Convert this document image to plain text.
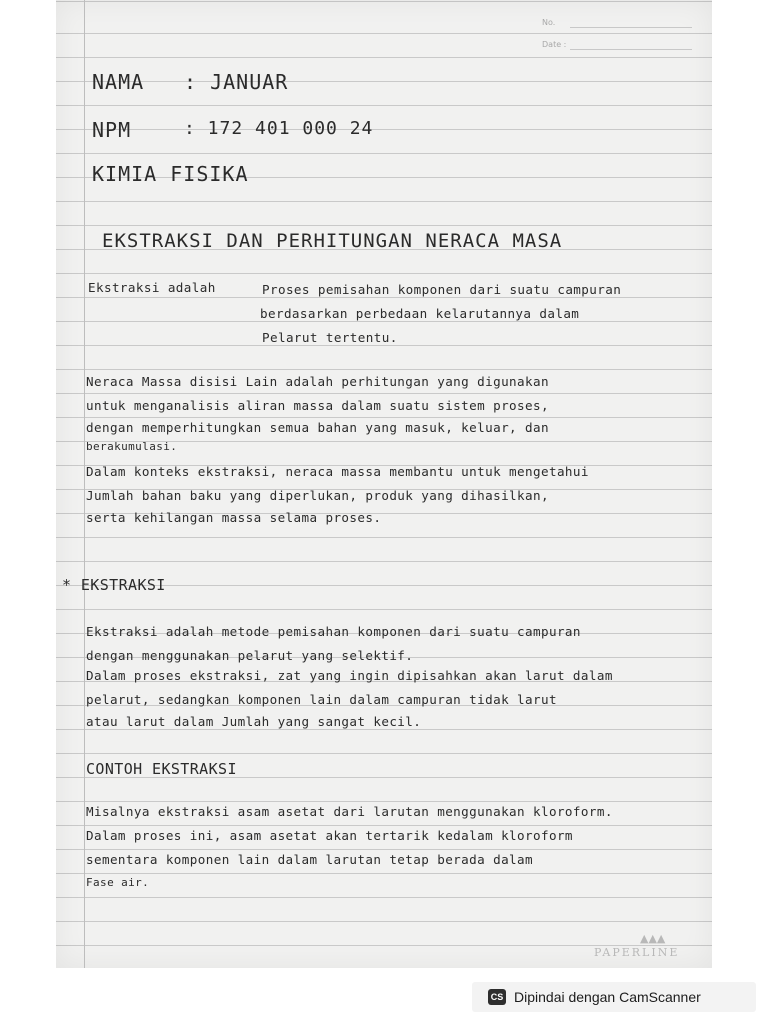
No.
Date :
NAMA : JANUAR
NPM	: 172 401 000 24
KIMIA FISIKA
EKSTRAKSI DAN PERHITUNGAN NERACA MASA
Ekstraksi adalah	Proses pemisahan komponen dari suatu campuran
berdasarkan perbedaan kelarutannya dalam
Pelarut tertentu.
Neraca Massa disisi Lain adalah perhitungan yang digunakan
untuk menganalisis aliran massa dalam suatu sistem proses,
dengan memperhitungkan semua bahan yang masuk, keluar, dan
berakumulasi.
Dalam konteks ekstraksi, neraca massa membantu untuk mengetahui
Jumlah bahan baku yang diperlukan, produk yang dihasilkan,
serta kehilangan massa selama proses.
* EKSTRAKSI
Ekstraksi adalah metode pemisahan komponen dari suatu campuran
dengan menggunakan pelarut yang selektif.
Dalam proses ekstraksi, zat yang ingin dipisahkan akan larut dalam
pelarut, sedangkan komponen lain dalam campuran tidak larut
atau larut dalam Jumlah yang sangat kecil.
CONTOH EKSTRAKSI
Misalnya ekstraksi asam asetat dari larutan menggunakan kloroform.
Dalam proses ini, asam asetat akan tertarik kedalam kloroform
sementara komponen lain dalam larutan tetap berada dalam
Fase air.
▲▲▲
PAPERLINE
CS Dipindai dengan CamScanner
